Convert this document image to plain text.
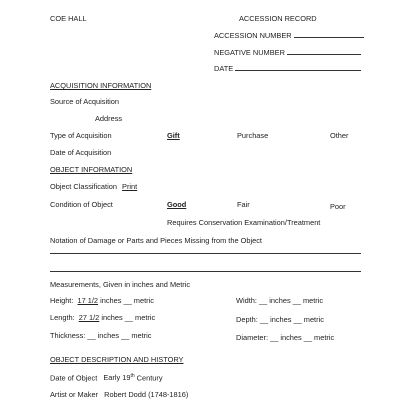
COE HALL	ACCESSION RECORD
ACCESSION NUMBER
NEGATIVE NUMBER
DATE
ACQUISITION INFORMATION
Source of Acquisition
Address
Type of Acquisition	Gift	Purchase	Other
Date of Acquisition
OBJECT INFORMATION
Object Classification Print
Condition of Object	Good	Fair	Poor
Requires Conservation Examination/Treatment
Notation of Damage or Parts and Pieces Missing from the Object
Measurements, Given in inches and Metric
Height: 17 1/2 inches __ metric	Width: __ inches __ metric
Length: 27 1/2 inches __ metric	Depth: __ inches __ metric
Thickness: __ inches __ metric	Diameter: __ inches __ metric
OBJECT DESCRIPTION AND HISTORY
Date of Object Early 19th Century
Artist or Maker Robert Dodd (1748-1816)
